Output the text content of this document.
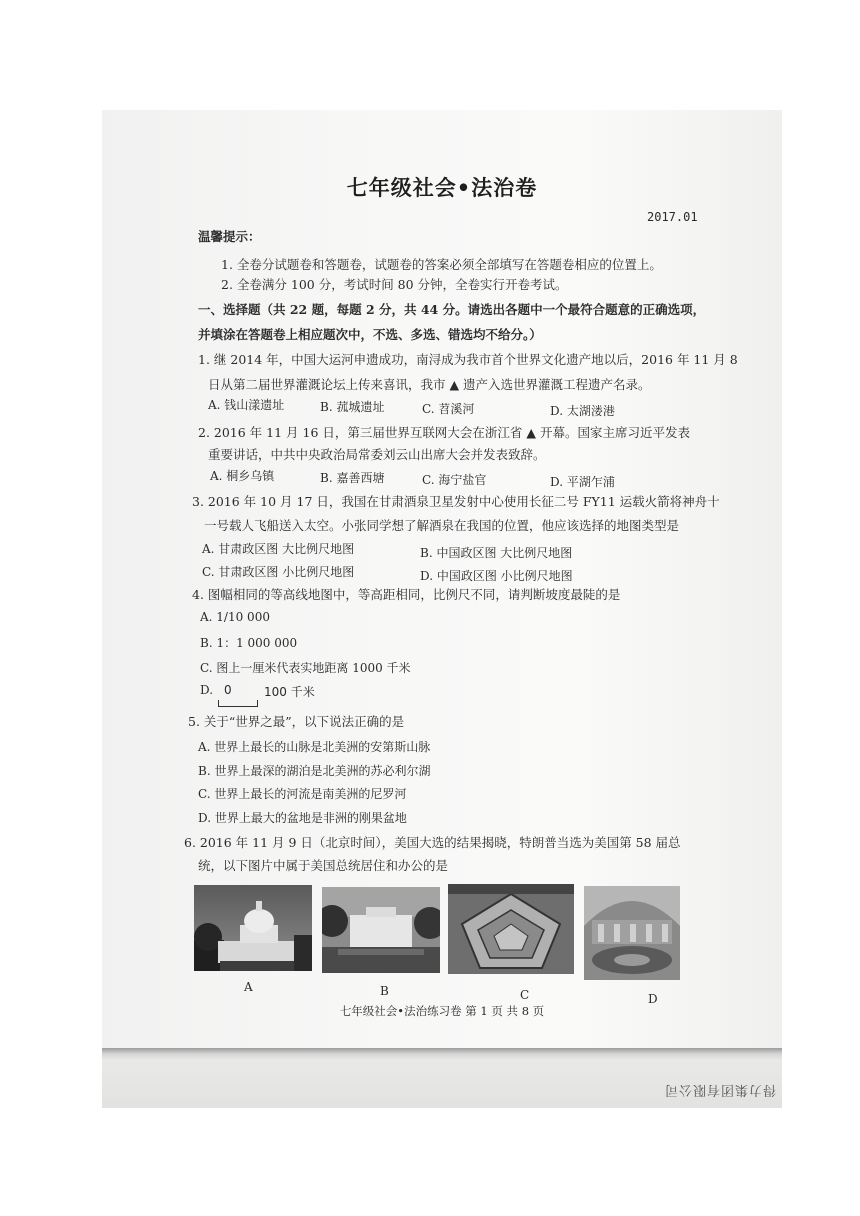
七年级社会•法治卷
2017.01
温馨提示：
1. 全卷分试题卷和答题卷，试题卷的答案必须全部填写在答题卷相应的位置上。
2. 全卷满分 100 分，考试时间 80 分钟，全卷实行开卷考试。
一、选择题（共 22 题，每题 2 分，共 44 分。请选出各题中一个最符合题意的正确选项，
并填涂在答题卷上相应题次中，不选、多选、错选均不给分。）
1. 继 2014 年，中国大运河申遗成功，南浔成为我市首个世界文化遗产地以后，2016 年 11 月 8
日从第二届世界灌溉论坛上传来喜讯，我市 ▲ 遗产入选世界灌溉工程遗产名录。
A. 钱山漾遗址	B. 菰城遗址	C. 苕溪河	D. 太湖溇港
2. 2016 年 11 月 16 日，第三届世界互联网大会在浙江省 ▲ 开幕。国家主席习近平发表
重要讲话，中共中央政治局常委刘云山出席大会并发表致辞。
A. 桐乡乌镇	B. 嘉善西塘	C. 海宁盐官	D. 平湖乍浦
3. 2016 年 10 月 17 日，我国在甘肃酒泉卫星发射中心使用长征二号 FY11 运载火箭将神舟十
一号载人飞船送入太空。小张同学想了解酒泉在我国的位置，他应该选择的地图类型是
A. 甘肃政区图 大比例尺地图	B. 中国政区图 大比例尺地图
C. 甘肃政区图 小比例尺地图	D. 中国政区图 小比例尺地图
4. 图幅相同的等高线地图中，等高距相同，比例尺不同，请判断坡度最陡的是
A. 1/10 000
B. 1：1 000 000
C. 图上一厘米代表实地距离 1000 千米
D. 0	100 千米
5. 关于“世界之最”，以下说法正确的是
A. 世界上最长的山脉是北美洲的安第斯山脉
B. 世界上最深的湖泊是北美洲的苏必利尔湖
C. 世界上最长的河流是南美洲的尼罗河
D. 世界上最大的盆地是非洲的刚果盆地
6. 2016 年 11 月 9 日（北京时间），美国大选的结果揭晓，特朗普当选为美国第 58 届总
统，以下图片中属于美国总统居住和办公的是
A	B	C	D
七年级社会•法治练习卷 第 1 页 共 8 页
得力集团有限公司
